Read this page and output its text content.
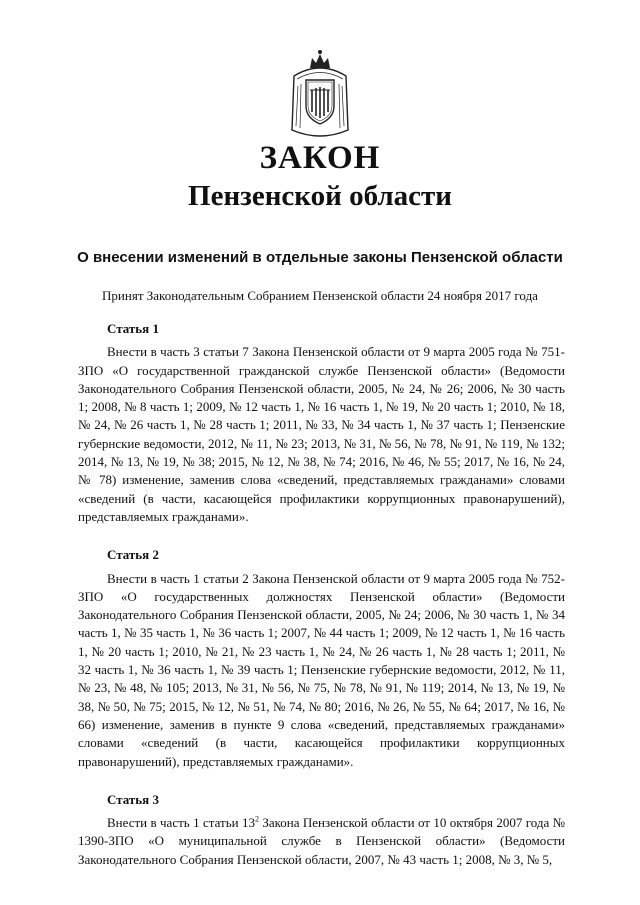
ЗАКОН
Пензенской области
О внесении изменений в отдельные законы Пензенской области
Принят Законодательным Собранием Пензенской области 24 ноября 2017 года
Статья 1

Внести в часть 3 статьи 7 Закона Пензенской области от 9 марта 2005 года № 751-ЗПО «О государственной гражданской службе Пензенской области» (Ведомости Законодательного Собрания Пензенской области, 2005, № 24, № 26; 2006, № 30 часть 1; 2008, № 8 часть 1; 2009, № 12 часть 1, № 16 часть 1, № 19, № 20 часть 1; 2010, № 18, № 24, № 26 часть 1, № 28 часть 1; 2011, № 33, № 34 часть 1, № 37 часть 1; Пензенские губернские ведомости, 2012, № 11, № 23; 2013, № 31, № 56, № 78, № 91, № 119, № 132; 2014, № 13, № 19, № 38; 2015, № 12, № 38, № 74; 2016, № 46, № 55; 2017, № 16, № 24, № 78) изменение, заменив слова «сведений, представляемых гражданами» словами «сведений (в части, касающейся профилактики коррупционных правонарушений), представляемых гражданами».

Статья 2

Внести в часть 1 статьи 2 Закона Пензенской области от 9 марта 2005 года № 752-ЗПО «О государственных должностях Пензенской области» (Ведомости Законодательного Собрания Пензенской области, 2005, № 24; 2006, № 30 часть 1, № 34 часть 1, № 35 часть 1, № 36 часть 1; 2007, № 44 часть 1; 2009, № 12 часть 1, № 16 часть 1, № 20 часть 1; 2010, № 21, № 23 часть 1, № 24, № 26 часть 1, № 28 часть 1; 2011, № 32 часть 1, № 36 часть 1, № 39 часть 1; Пензенские губернские ведомости, 2012, № 11, № 23, № 48, № 105; 2013, № 31, № 56, № 75, № 78, № 91, № 119; 2014, № 13, № 19, № 38, № 50, № 75; 2015, № 12, № 51, № 74, № 80; 2016, № 26, № 55, № 64; 2017, № 16, № 66) изменение, заменив в пункте 9 слова «сведений, представляемых гражданами» словами «сведений (в части, касающейся профилактики коррупционных правонарушений), представляемых гражданами».

Статья 3

Внести в часть 1 статьи $13^2$ Закона Пензенской области от 10 октября 2007 года № 1390-ЗПО «О муниципальной службе в Пензенской области» (Ведомости Законодательного Собрания Пензенской области, 2007, № 43 часть 1; 2008, № 3, № 5,
